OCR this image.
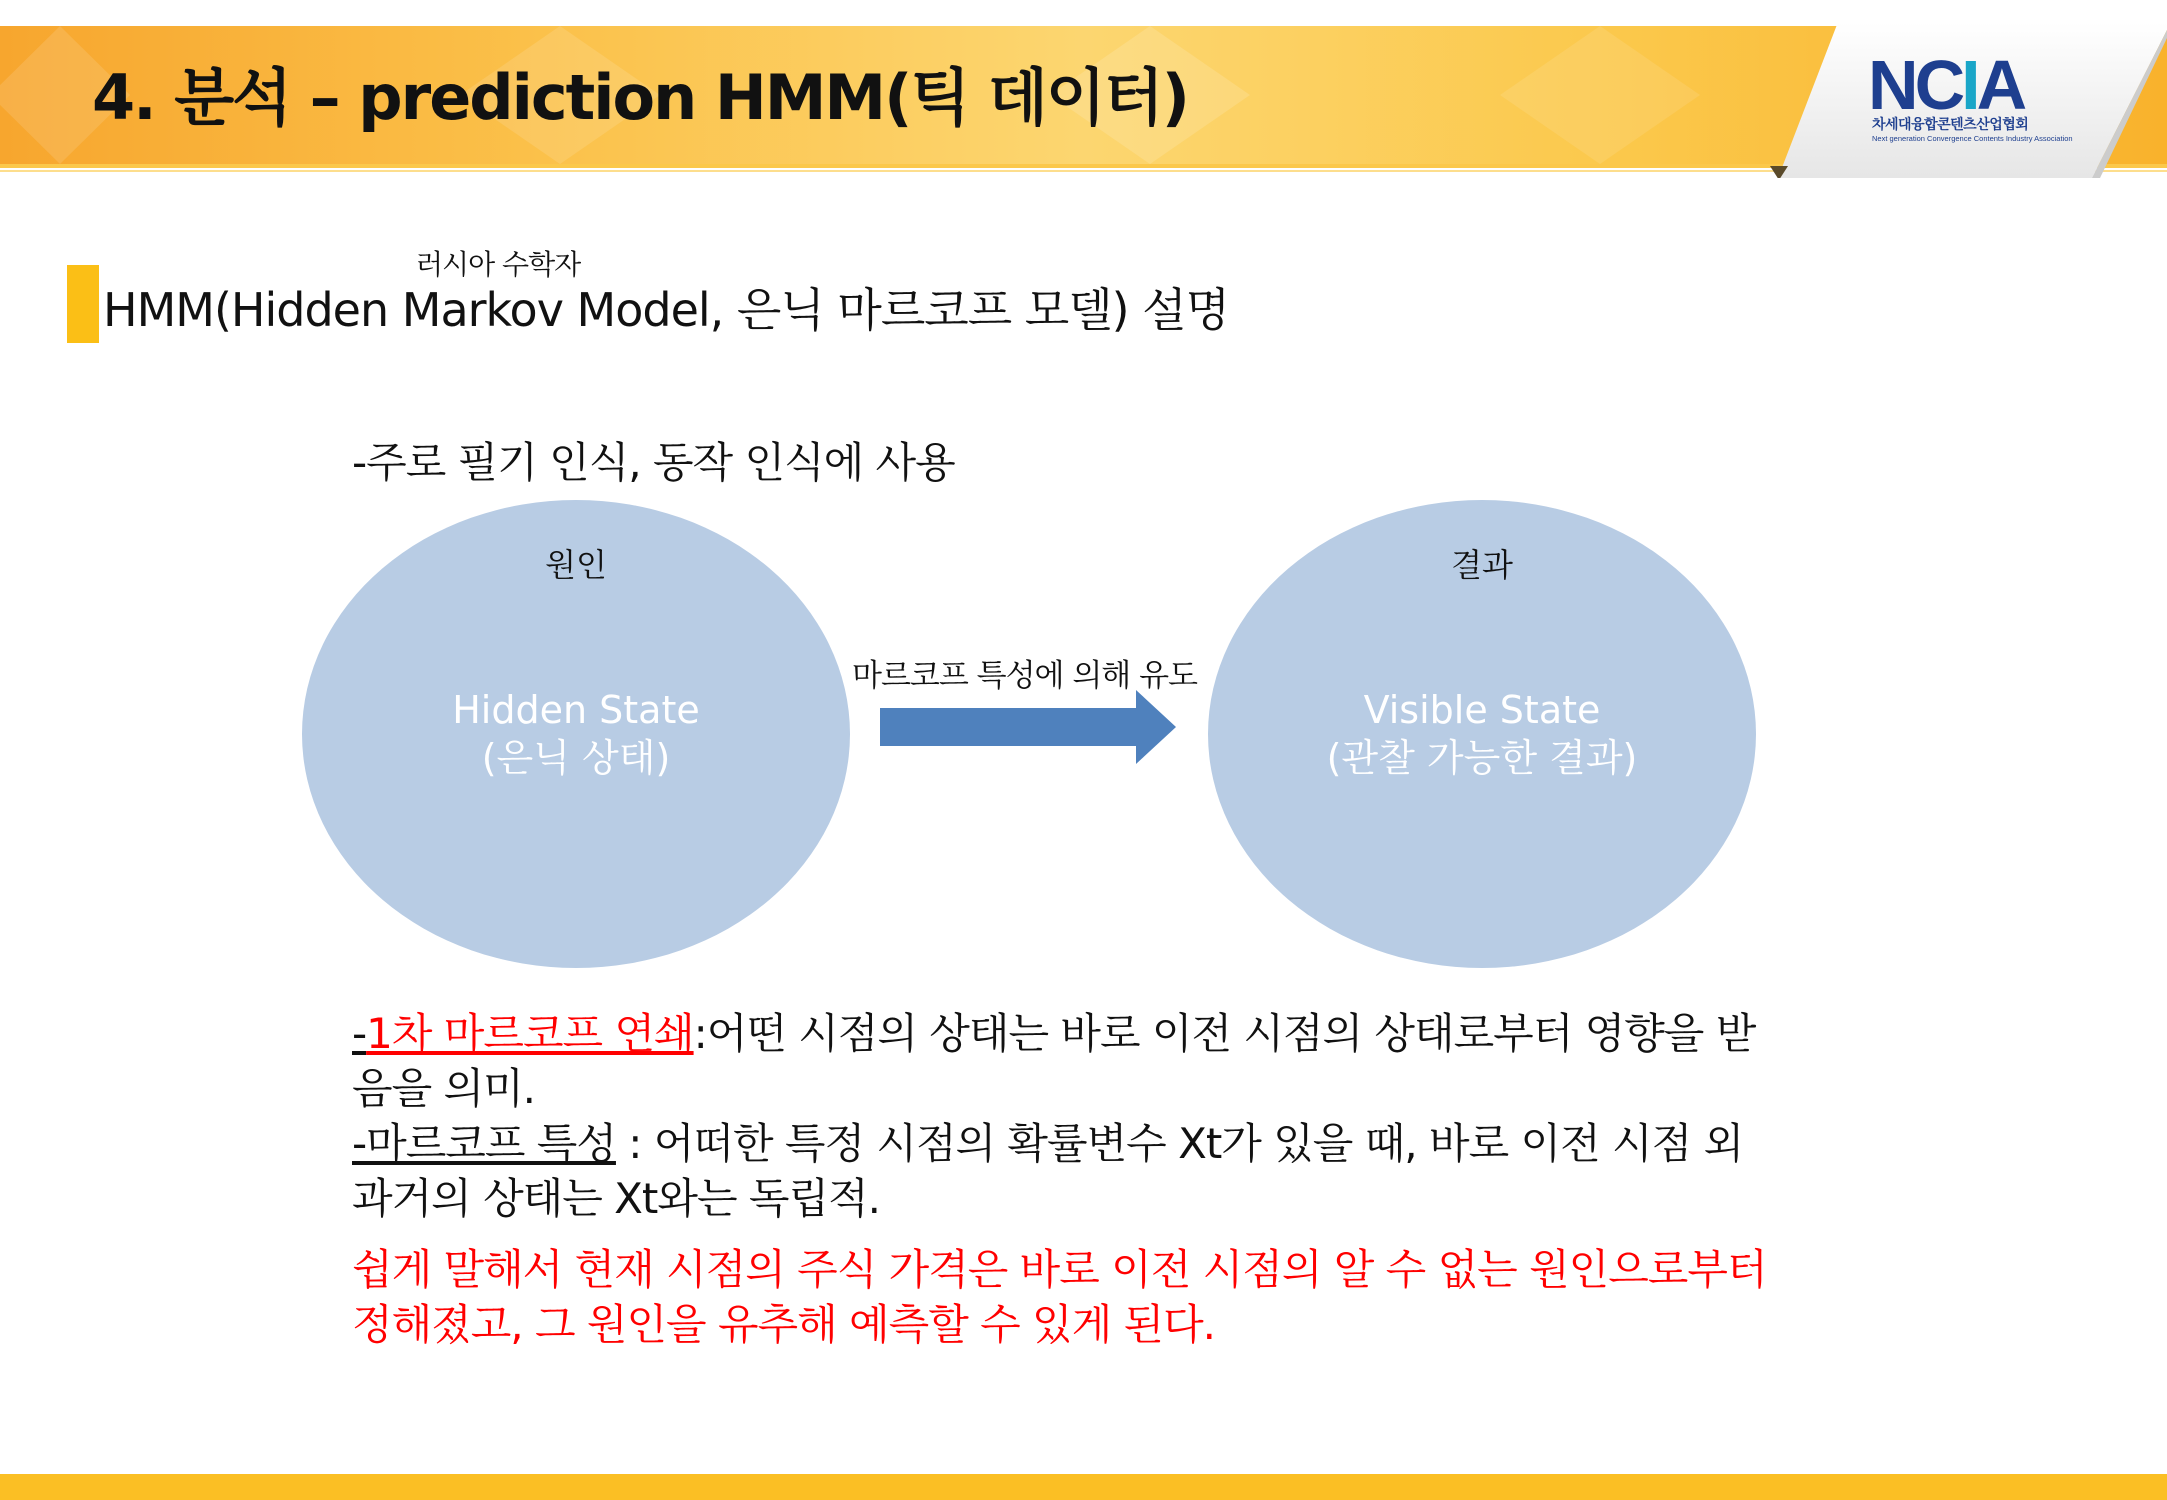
4. 분석 – prediction HMM(틱 데이터)	NCIA
차세대융합콘텐츠산업협회
Next generation Convergence Contents Industry Association
러시아 수학자
HMM(Hidden Markov Model, 은닉 마르코프 모델) 설명

-주로 필기 인식, 동작 인식에 사용

원인
Hidden State
(은닉 상태)
마르코프 특성에 의해 유도
결과
Visible State
(관찰 가능한 결과)

-1차 마르코프 연쇄:어떤 시점의 상태는 바로 이전 시점의 상태로부터 영향을 받음을 의미.

-마르코프 특성 : 어떠한 특정 시점의 확률변수 Xt가 있을 때, 바로 이전 시점 외 과거의 상태는 Xt와는 독립적.

쉽게 말해서 현재 시점의 주식 가격은 바로 이전 시점의 알 수 없는 원인으로부터 정해졌고, 그 원인을 유추해 예측할 수 있게 된다.
